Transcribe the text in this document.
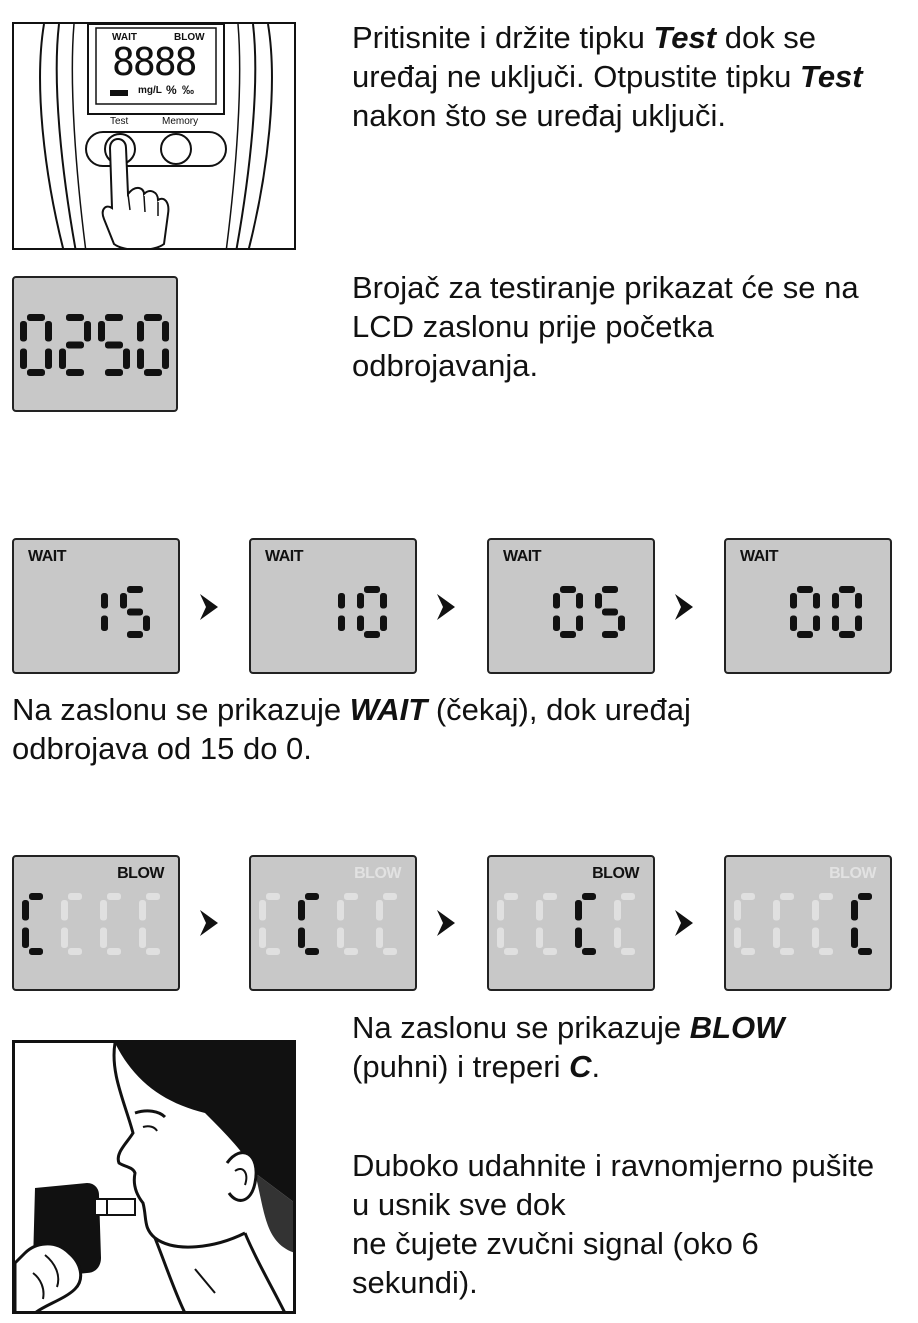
WAIT	BLOW
8888
mg/L % ‰
Test	Memory
Pritisnite i držite tipku Test dok se uređaj ne uključi. Otpustite tipku Test nakon što se uređaj uključi.
Brojač za testiranje prikazat će se na LCD zaslonu prije početka odbrojavanja.
WAIT	WAIT	WAIT	WAIT
Na zaslonu se prikazuje WAIT (čekaj), dok uređaj odbrojava od 15 do 0.
BLOW	BLOW	BLOW	BLOW
Na zaslonu se prikazuje BLOW (puhni) i treperi C.
Duboko udahnite i ravnomjerno pušite
u usnik sve dok
ne čujete zvučni signal (oko 6
sekundi).
